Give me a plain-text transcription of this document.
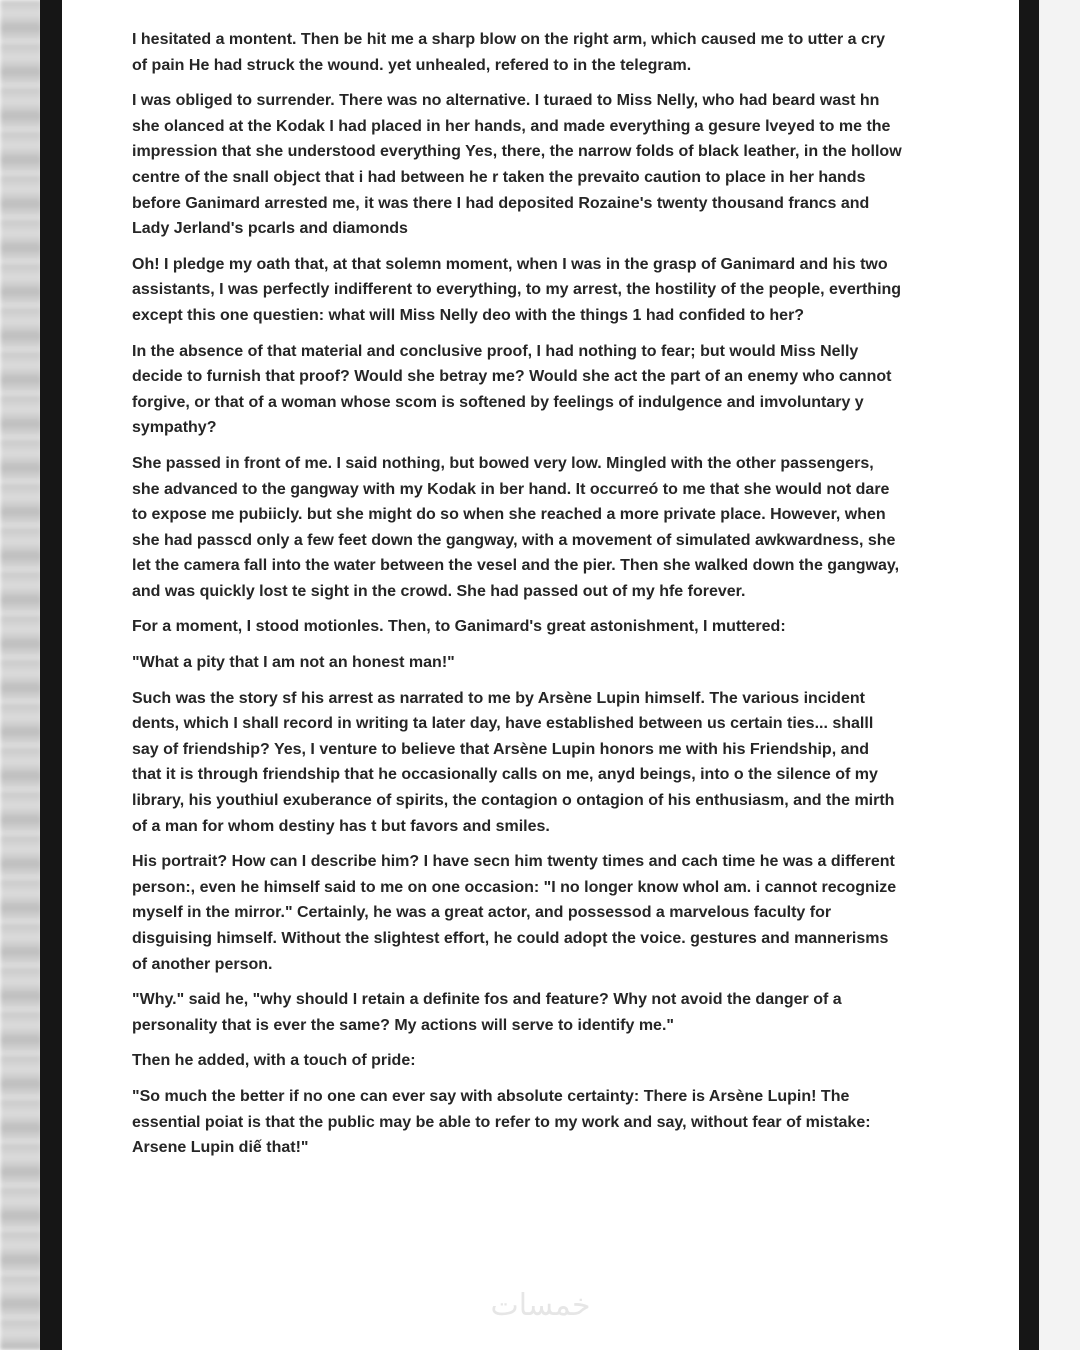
I hesitated a montent. Then be hit me a sharp blow on the right arm, which caused me to utter a cry of pain He had struck the wound. yet unhealed, refered to in the telegram.

I was obliged to surrender. There was no alternative. I turaed to Miss Nelly, who had beard wast hn she olanced at the Kodak I had placed in her hands, and made everything a gesure lveyed to me the impression that she understood everything Yes, there, the narrow folds of black leather, in the hollow centre of the snall object that i had between he r taken the prevaito caution to place in her hands before Ganimard arrested me, it was there I had deposited Rozaine's twenty thousand francs and Lady Jerland's pcarls and diamonds

Oh! I pledge my oath that, at that solemn moment, when I was in the grasp of Ganimard and his two assistants, I was perfectly indifferent to everything, to my arrest, the hostility of the people, everthing except this one questien: what will Miss Nelly deo with the things 1 had confided to her?

In the absence of that material and conclusive proof, I had nothing to fear; but would Miss Nelly decide to furnish that proof? Would she betray me? Would she act the part of an enemy who cannot forgive, or that of a woman whose scom is softened by feelings of indulgence and imvoluntary y sympathy?

She passed in front of me. I said nothing, but bowed very low. Mingled with the other passengers, she advanced to the gangway with my Kodak in ber hand. It occurreó to me that she would not dare to expose me pubiicly. but she might do so when she reached a more private place. However, when she had passcd only a few feet down the gangway, with a movement of simulated awkwardness, she let the camera fall into the water between the vesel and the pier. Then she walked down the gangway, and was quickly lost te sight in the crowd. She had passed out of my hfe forever.

For a moment, I stood motionles. Then, to Ganimard's great astonishment, I muttered:

"What a pity that I am not an honest man!"

Such was the story sf his arrest as narrated to me by Arsène Lupin himself. The various incident dents, which I shall record in writing ta later day, have established between us certain ties... shalll say of friendship? Yes, I venture to believe that Arsène Lupin honors me with his Friendship, and that it is through friendship that he occasionally calls on me, anyd beings, into o the silence of my library, his youthiul exuberance of spirits, the contagion o ontagion of his enthusiasm, and the mirth of a man for whom destiny has t but favors and smiles.

His portrait? How can I describe him? I have secn him twenty times and cach time he was a different person:, even he himself said to me on one occasion: "I no longer know whol am. i cannot recognize myself in the mirror." Certainly, he was a great actor, and possessod a marvelous faculty for disguising himself. Without the slightest effort, he could adopt the voice. gestures and mannerisms of another person.

"Why." said he, "why should I retain a definite fos and feature? Why not avoid the danger of a personality that is ever the same? My actions will serve to identify me."

Then he added, with a touch of pride:

"So much the better if no one can ever say with absolute certainty: There is Arsène Lupin! The essential poiat is that the public may be able to refer to my work and say, without fear of mistake: Arsene Lupin diế that!"

خمسات
